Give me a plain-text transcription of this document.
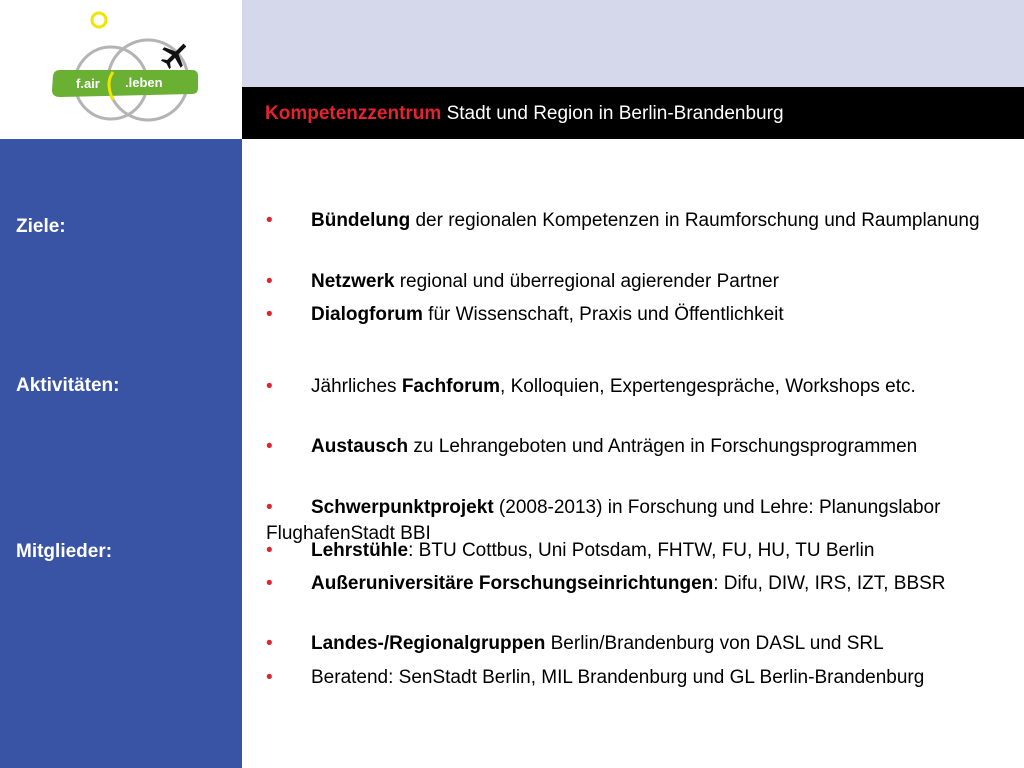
f.air .leben
Kompetenzzentrum Stadt und Region in Berlin-Brandenburg
Ziele:
Aktivitäten:
Mitglieder:
• Bündelung der regionalen Kompetenzen in Raumforschung und Raumplanung
• Netzwerk regional und überregional agierender Partner
• Dialogforum für Wissenschaft, Praxis und Öffentlichkeit
• Jährliches Fachforum, Kolloquien, Expertengespräche, Workshops etc.
• Austausch zu Lehrangeboten und Anträgen in Forschungsprogrammen
• Schwerpunktprojekt (2008-2013) in Forschung und Lehre: Planungslabor FlughafenStadt BBI
• Lehrstühle: BTU Cottbus, Uni Potsdam, FHTW, FU, HU, TU Berlin
• Außeruniversitäre Forschungseinrichtungen: Difu, DIW, IRS, IZT, BBSR
• Landes-/Regionalgruppen Berlin/Brandenburg von DASL und SRL
• Beratend: SenStadt Berlin, MIL Brandenburg und GL Berlin-Brandenburg
